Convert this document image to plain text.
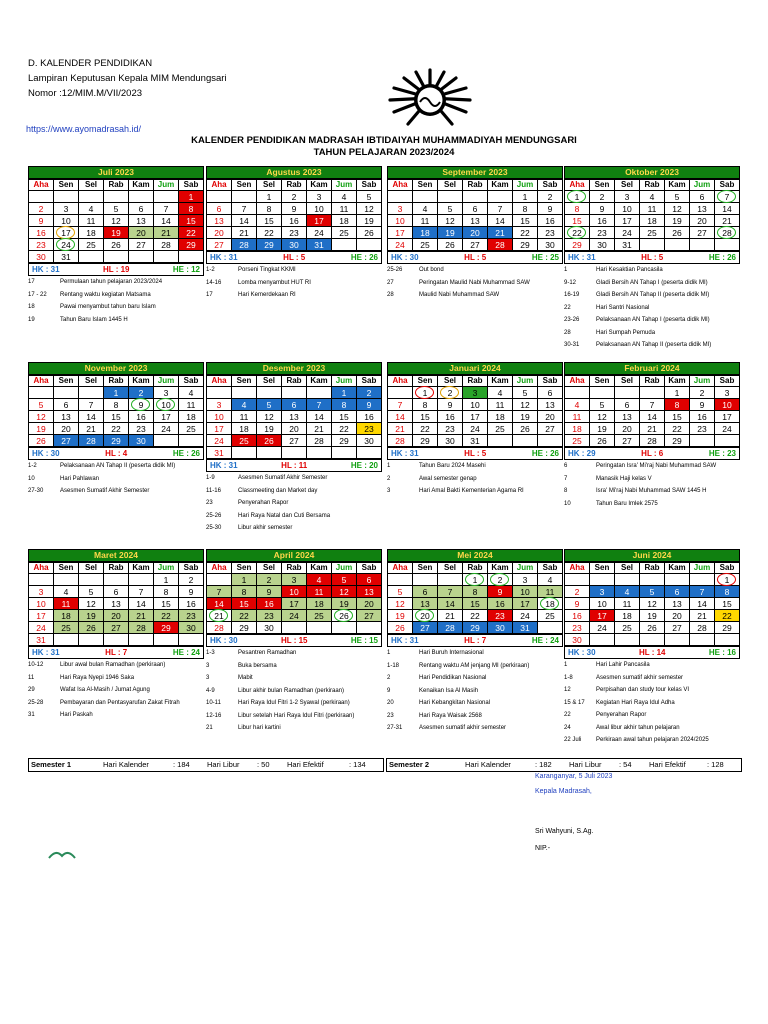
D. KALENDER PENDIDIKAN
Lampiran Keputusan Kepala MIM Mendungsari
Nomor :12/MIM.M/VII/2023
https://www.ayomadrasah.id/
KALENDER PENDIDIKAN MADRASAH IBTIDAIYAH MUHAMMADIYAH MENDUNGSARI
TAHUN PELAJARAN 2023/2024
Juli 2023
Aha	Sen	Sel	Rab	Kam	Jum	Sab
						1
2	3	4	5	6	7	8
9	10	11	12	13	14	15
16	17	18	19	20	21	22
23	24	25	26	27	28	29
30	31					
HK : 31	HL : 19	HE : 12
17	Permulaan tahun pelajaran 2023/2024
17 - 22	Rentang waktu kegiatan Matsama
18	Pawai menyambut tahun baru Islam
19	Tahun Baru Islam 1445 H
Agustus 2023
Aha	Sen	Sel	Rab	Kam	Jum	Sab
		1	2	3	4	5
6	7	8	9	10	11	12
13	14	15	16	17	18	19
20	21	22	23	24	25	26
27	28	29	30	31		
HK : 31	HL : 5	HE : 26
1-2	Porseni Tingkat KKMI
14-16	Lomba menyambut HUT RI
17	Hari Kemerdekaan RI
September 2023
Aha	Sen	Sel	Rab	Kam	Jum	Sab
					1	2
3	4	5	6	7	8	9
10	11	12	13	14	15	16
17	18	19	20	21	22	23
24	25	26	27	28	29	30
HK : 30	HL : 5	HE : 25
25-26	Out bond
27	Peringatan Maulid Nabi Muhammad SAW
28	Maulid Nabi Muhammad SAW
Oktober 2023
Aha	Sen	Sel	Rab	Kam	Jum	Sab
1	2	3	4	5	6	7
8	9	10	11	12	13	14
15	16	17	18	19	20	21
22	23	24	25	26	27	28
29	30	31				
HK : 31	HL : 5	HE : 26
1	Hari Kesaktian Pancasila
9-12	Gladi Bersih AN Tahap I (peserta didik MI)
16-19	Gladi Bersih AN Tahap II (peserta didik MI)
22	Hari Santri Nasional
23-26	Pelaksanaan AN Tahap I (peserta didik MI)
28	Hari Sumpah Pemuda
30-31	Pelaksanaan AN Tahap II (peserta didik MI)
November 2023
Aha	Sen	Sel	Rab	Kam	Jum	Sab
			1	2	3	4
5	6	7	8	9	10	11
12	13	14	15	16	17	18
19	20	21	22	23	24	25
26	27	28	29	30		
HK : 30	HL : 4	HE : 26
1-2	Pelaksanaan AN Tahap II (peserta didik MI)
10	Hari Pahlawan
27-30	Asesmen Sumatif Akhir Semester
Desember 2023
Aha	Sen	Sel	Rab	Kam	Jum	Sab
					1	2
3	4	5	6	7	8	9
10	11	12	13	14	15	16
17	18	19	20	21	22	23
24	25	26	27	28	29	30
31						
HK : 31	HL : 11	HE : 20
1-9	Asesmen Sumatif Akhir Semester
11-16	Classmeeting dan Market day
23	Penyerahan Rapor
25-26	Hari Raya Natal dan Cuti Bersama
25-30	Libur akhir semester
Januari 2024
Aha	Sen	Sel	Rab	Kam	Jum	Sab
	1	2	3	4	5	6
7	8	9	10	11	12	13
14	15	16	17	18	19	20
21	22	23	24	25	26	27
28	29	30	31			
HK : 31	HL : 5	HE : 26
1	Tahun Baru 2024 Masehi
2	Awal semester genap
3	Hari Amal Bakti Kementerian Agama RI
Februari 2024
Aha	Sen	Sel	Rab	Kam	Jum	Sab
				1	2	3
4	5	6	7	8	9	10
11	12	13	14	15	16	17
18	19	20	21	22	23	24
25	26	27	28	29		
HK : 29	HL : 6	HE : 23
6	Peringatan Isra' Mi'raj Nabi Muhammad SAW
7	Manasik Haji kelas V
8	Isra' Mi'raj Nabi Muhammad SAW 1445 H
10	Tahun Baru Imlek 2575
Maret 2024
Aha	Sen	Sel	Rab	Kam	Jum	Sab
					1	2
3	4	5	6	7	8	9
10	11	12	13	14	15	16
17	18	19	20	21	22	23
24	25	26	27	28	29	30
31						
HK : 31	HL : 7	HE : 24
10-12	Libur awal bulan Ramadhan (perkiraan)
11	Hari Raya Nyepi 1946 Saka
29	Wafat Isa Al-Masih / Jumat Agung
25-28	Pembayaran dan Pentasyarufan Zakat Fitrah
31	Hari Paskah
April 2024
Aha	Sen	Sel	Rab	Kam	Jum	Sab
	1	2	3	4	5	6
7	8	9	10	11	12	13
14	15	16	17	18	19	20
21	22	23	24	25	26	27
28	29	30				
HK : 30	HL : 15	HE : 15
1-3	Pesantren Ramadhan
3	Buka bersama
3	Mabit
4-9	Libur akhir bulan Ramadhan (perkiraan)
10-11	Hari Raya Idul Fitri 1-2 Syawal (perkiraan)
12-16	Libur setelah Hari Raya Idul Fitri (perkiraan)
21	Libur hari kartini
Mei 2024
Aha	Sen	Sel	Rab	Kam	Jum	Sab
			1	2	3	4
5	6	7	8	9	10	11
12	13	14	15	16	17	18
19	20	21	22	23	24	25
26	27	28	29	30	31	
HK : 31	HL : 7	HE : 24
1	Hari Buruh Internasional
1-18	Rentang waktu AM jenjang MI (perkiraan)
2	Hari Pendidikan Nasional
9	Kenaikan Isa Al Masih
20	Hari Kebangkitan Nasional
23	Hari Raya Waisak 2568
27-31	Asesmen sumatif akhir semester
Juni 2024
Aha	Sen	Sel	Rab	Kam	Jum	Sab
						1
2	3	4	5	6	7	8
9	10	11	12	13	14	15
16	17	18	19	20	21	22
23	24	25	26	27	28	29
30						
HK : 30	HL : 14	HE : 16
1	Hari Lahir Pancasila
1-8	Asesmen sumatif akhir semester
12	Perpisahan dan study tour kelas VI
15 & 17	Kegiatan Hari Raya Idul Adha
22	Penyerahan Rapor
24	Awal libur akhir tahun pelajaran
22 Juli	Perkiraan awal tahun pelajaran 2024/2025
Semester 1	Hari Kalender	: 184	Hari Libur	: 50	Hari Efektif	: 134	Semester 2	Hari Kalender	: 182	Hari Libur	: 54	Hari Efektif	: 128
Karanganyar, 5 Juli 2023
Kepala Madrasah,
Sri Wahyuni, S.Ag.
NIP.-
